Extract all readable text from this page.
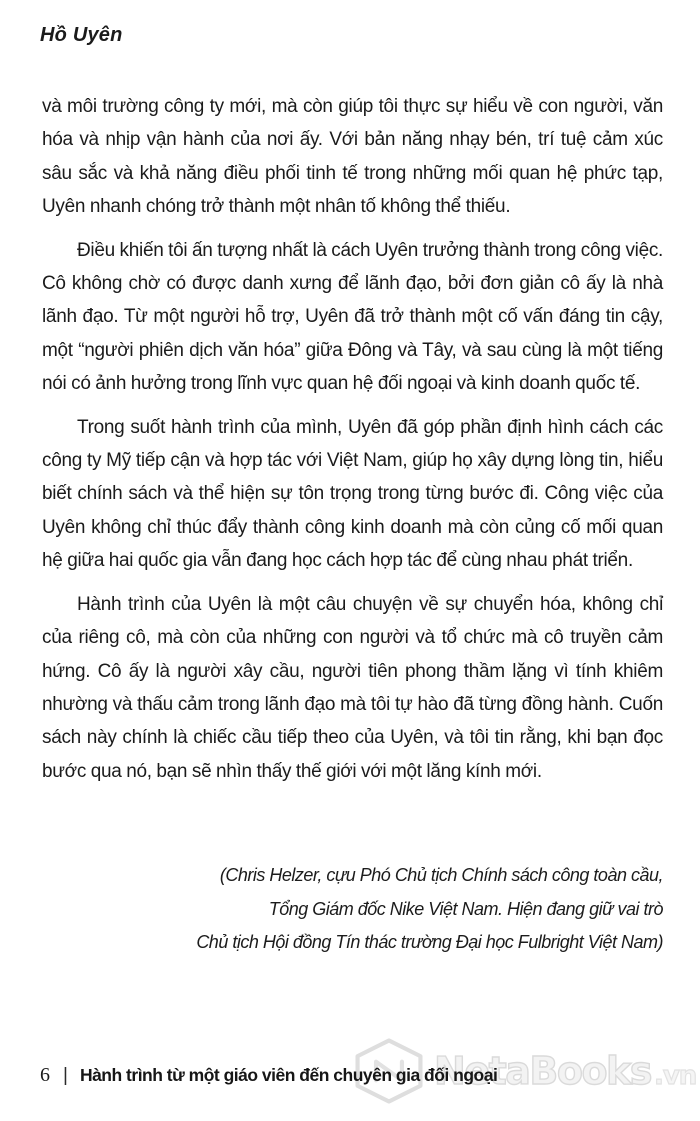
Hồ Uyên

và môi trường công ty mới, mà còn giúp tôi thực sự hiểu về con người, văn hóa và nhịp vận hành của nơi ấy. Với bản năng nhạy bén, trí tuệ cảm xúc sâu sắc và khả năng điều phối tinh tế trong những mối quan hệ phức tạp, Uyên nhanh chóng trở thành một nhân tố không thể thiếu.

Điều khiến tôi ấn tượng nhất là cách Uyên trưởng thành trong công việc. Cô không chờ có được danh xưng để lãnh đạo, bởi đơn giản cô ấy là nhà lãnh đạo. Từ một người hỗ trợ, Uyên đã trở thành một cố vấn đáng tin cậy, một “người phiên dịch văn hóa” giữa Đông và Tây, và sau cùng là một tiếng nói có ảnh hưởng trong lĩnh vực quan hệ đối ngoại và kinh doanh quốc tế.

Trong suốt hành trình của mình, Uyên đã góp phần định hình cách các công ty Mỹ tiếp cận và hợp tác với Việt Nam, giúp họ xây dựng lòng tin, hiểu biết chính sách và thể hiện sự tôn trọng trong từng bước đi. Công việc của Uyên không chỉ thúc đẩy thành công kinh doanh mà còn củng cố mối quan hệ giữa hai quốc gia vẫn đang học cách hợp tác để cùng nhau phát triển.

Hành trình của Uyên là một câu chuyện về sự chuyển hóa, không chỉ của riêng cô, mà còn của những con người và tổ chức mà cô truyền cảm hứng. Cô ấy là người xây cầu, người tiên phong thầm lặng vì tính khiêm nhường và thấu cảm trong lãnh đạo mà tôi tự hào đã từng đồng hành. Cuốn sách này chính là chiếc cầu tiếp theo của Uyên, và tôi tin rằng, khi bạn đọc bước qua nó, bạn sẽ nhìn thấy thế giới với một lăng kính mới.

(Chris Helzer, cựu Phó Chủ tịch Chính sách công toàn cầu,
Tổng Giám đốc Nike Việt Nam. Hiện đang giữ vai trò
Chủ tịch Hội đồng Tín thác trường Đại học Fulbright Việt Nam)
NetaBooks .vn
6 | Hành trình từ một giáo viên đến chuyên gia đối ngoại
